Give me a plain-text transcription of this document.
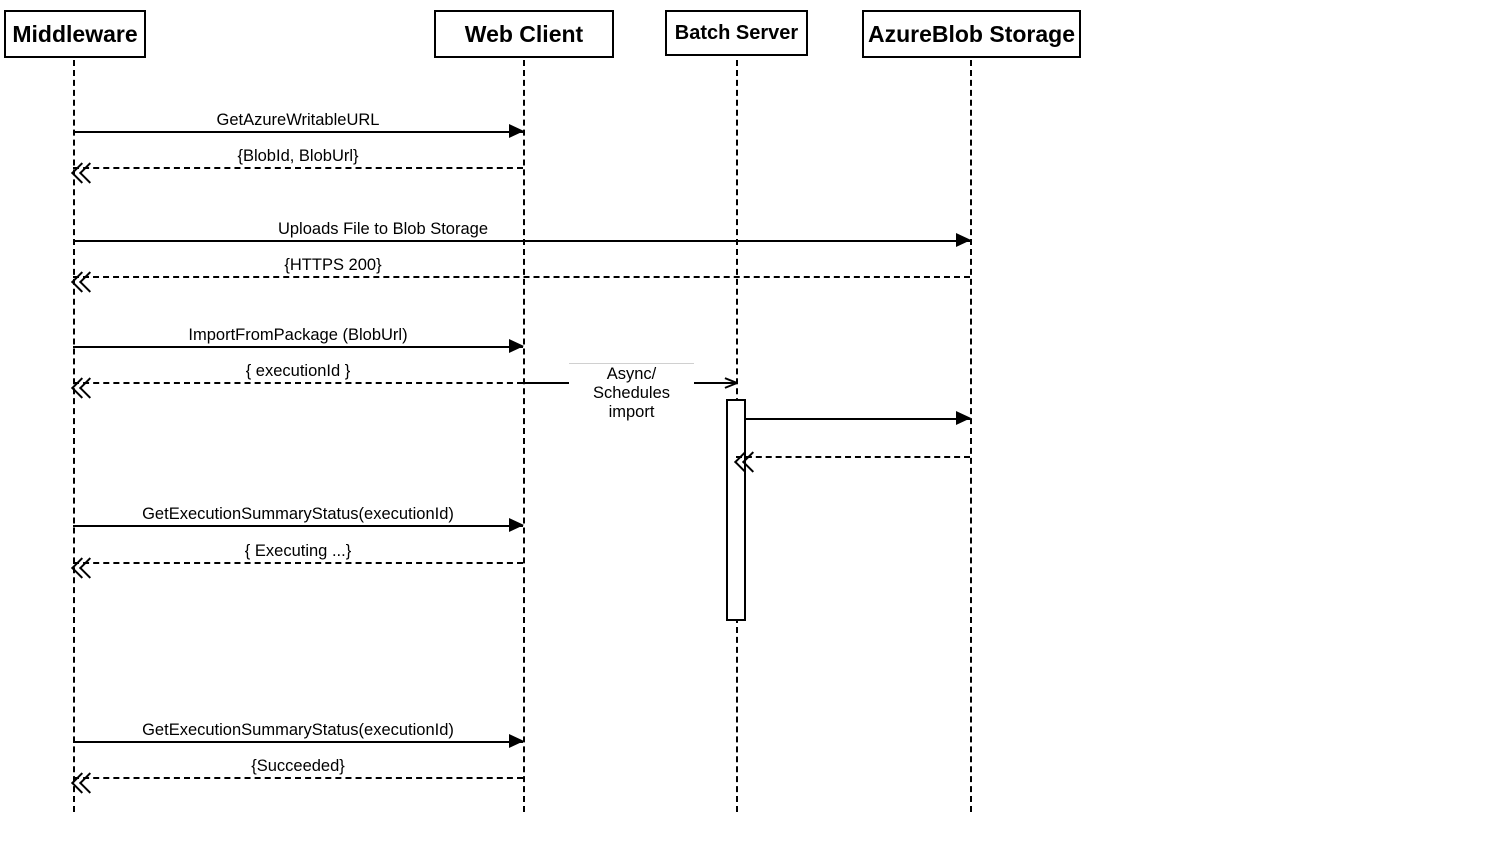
Middleware	Web Client	Batch Server	AzureBlob Storage
GetAzureWritableURL
{BlobId, BlobUrl}
Uploads File to Blob Storage
{HTTPS 200}
ImportFromPackage (BlobUrl)
{ executionId }	Async/
Schedules import
GetExecutionSummaryStatus(executionId)
{ Executing ...}
GetExecutionSummaryStatus(executionId)
{Succeeded}
